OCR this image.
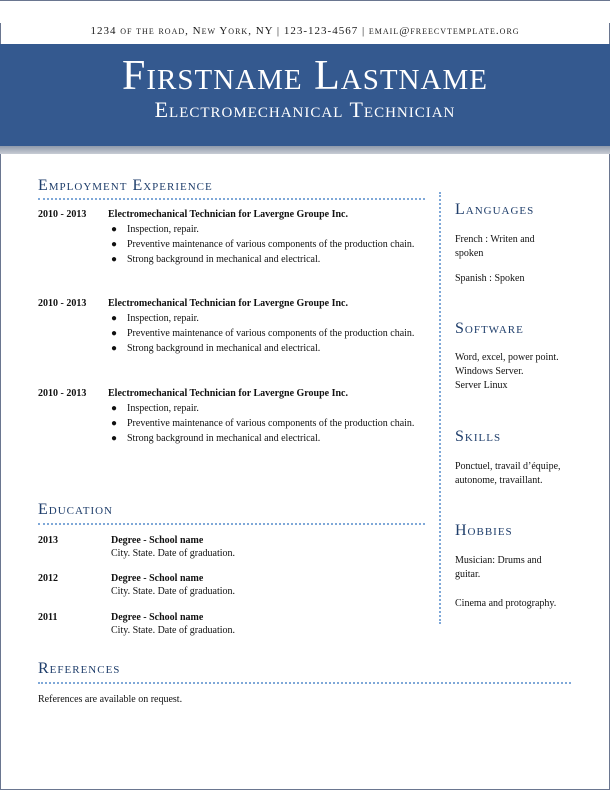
1234 of the road, New York, NY | 123-123-4567 | email@freecvtemplate.org
Firstname Lastname
Electromechanical Technician
Employment Experience
2010 - 2013 Electromechanical Technician for Lavergne Groupe Inc.
● Inspection, repair.
● Preventive maintenance of various components of the production chain.
● Strong background in mechanical and electrical.
2010 - 2013 Electromechanical Technician for Lavergne Groupe Inc.
● Inspection, repair.
● Preventive maintenance of various components of the production chain.
● Strong background in mechanical and electrical.
2010 - 2013 Electromechanical Technician for Lavergne Groupe Inc.
● Inspection, repair.
● Preventive maintenance of various components of the production chain.
● Strong background in mechanical and electrical.
Education
2013	Degree - School name
City. State. Date of graduation.
2012	Degree - School name
City. State. Date of graduation.
2011	Degree - School name
City. State. Date of graduation.
References
References are available on request.
Languages
French : Writen and spoken
Spanish : Spoken
Software
Word, excel, power point.
Windows Server.
Server Linux
Skills
Ponctuel, travail d’équipe, autonome, travaillant.
Hobbies
Musician: Drums and guitar.
Cinema and protography.
